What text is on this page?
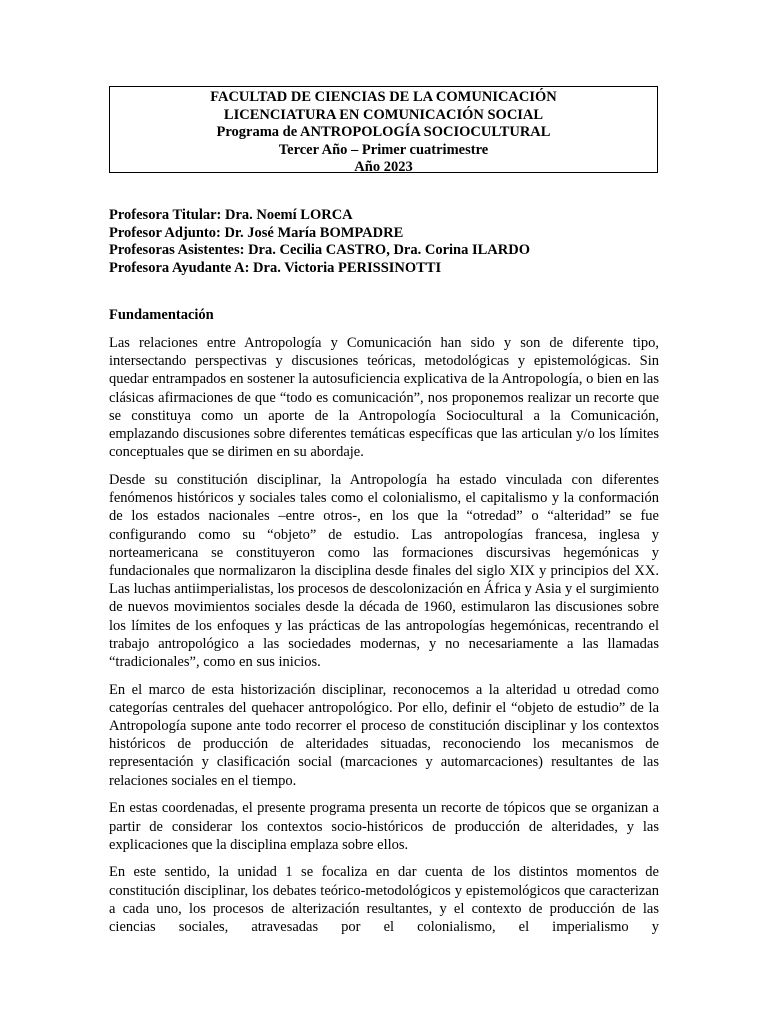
FACULTAD DE CIENCIAS DE LA COMUNICACIÓN
LICENCIATURA EN COMUNICACIÓN SOCIAL
Programa de ANTROPOLOGÍA SOCIOCULTURAL
Tercer Año – Primer cuatrimestre
Año 2023
Profesora Titular: Dra. Noemí LORCA
Profesor Adjunto: Dr. José María BOMPADRE
Profesoras Asistentes: Dra. Cecilia CASTRO, Dra. Corina ILARDO
Profesora Ayudante A: Dra. Victoria PERISSINOTTI
Fundamentación

Las relaciones entre Antropología y Comunicación han sido y son de diferente tipo, intersectando perspectivas y discusiones teóricas, metodológicas y epistemológicas. Sin quedar entrampados en sostener la autosuficiencia explicativa de la Antropología, o bien en las clásicas afirmaciones de que “todo es comunicación”, nos proponemos realizar un recorte que se constituya como un aporte de la Antropología Sociocultural a la Comunicación, emplazando discusiones sobre diferentes temáticas específicas que las articulan y/o los límites conceptuales que se dirimen en su abordaje.

Desde su constitución disciplinar, la Antropología ha estado vinculada con diferentes fenómenos históricos y sociales tales como el colonialismo, el capitalismo y la conformación de los estados nacionales –entre otros-, en los que la “otredad” o “alteridad” se fue configurando como su “objeto” de estudio. Las antropologías francesa, inglesa y norteamericana se constituyeron como las formaciones discursivas hegemónicas y fundacionales que normalizaron la disciplina desde finales del siglo XIX y principios del XX. Las luchas antiimperialistas, los procesos de descolonización en África y Asia y el surgimiento de nuevos movimientos sociales desde la década de 1960, estimularon las discusiones sobre los límites de los enfoques y las prácticas de las antropologías hegemónicas, recentrando el trabajo antropológico a las sociedades modernas, y no necesariamente a las llamadas “tradicionales”, como en sus inicios.

En el marco de esta historización disciplinar, reconocemos a la alteridad u otredad como categorías centrales del quehacer antropológico. Por ello, definir el “objeto de estudio” de la Antropología supone ante todo recorrer el proceso de constitución disciplinar y los contextos históricos de producción de alteridades situadas, reconociendo los mecanismos de representación y clasificación social (marcaciones y automarcaciones) resultantes de las relaciones sociales en el tiempo.

En estas coordenadas, el presente programa presenta un recorte de tópicos que se organizan a partir de considerar los contextos socio-históricos de producción de alteridades, y las explicaciones que la disciplina emplaza sobre ellos.

En este sentido, la unidad 1 se focaliza en dar cuenta de los distintos momentos de constitución disciplinar, los debates teórico-metodológicos y epistemológicos que caracterizan a cada uno, los procesos de alterización resultantes, y el contexto de producción de las ciencias sociales, atravesadas por el colonialismo, el imperialismo y
